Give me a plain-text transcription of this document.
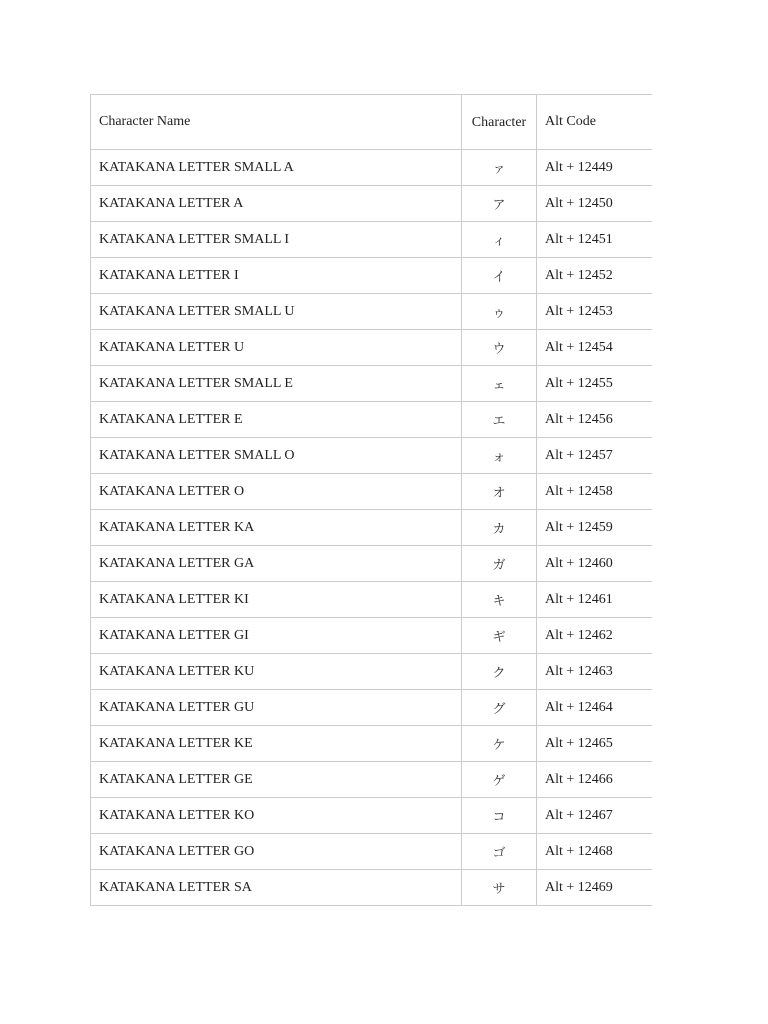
Character Name	Character	Alt Code
KATAKANA LETTER SMALL A	ァ	Alt + 12449
KATAKANA LETTER A	ア	Alt + 12450
KATAKANA LETTER SMALL I	ィ	Alt + 12451
KATAKANA LETTER I	イ	Alt + 12452
KATAKANA LETTER SMALL U	ゥ	Alt + 12453
KATAKANA LETTER U	ウ	Alt + 12454
KATAKANA LETTER SMALL E	ェ	Alt + 12455
KATAKANA LETTER E	エ	Alt + 12456
KATAKANA LETTER SMALL O	ォ	Alt + 12457
KATAKANA LETTER O	オ	Alt + 12458
KATAKANA LETTER KA	カ	Alt + 12459
KATAKANA LETTER GA	ガ	Alt + 12460
KATAKANA LETTER KI	キ	Alt + 12461
KATAKANA LETTER GI	ギ	Alt + 12462
KATAKANA LETTER KU	ク	Alt + 12463
KATAKANA LETTER GU	グ	Alt + 12464
KATAKANA LETTER KE	ケ	Alt + 12465
KATAKANA LETTER GE	ゲ	Alt + 12466
KATAKANA LETTER KO	コ	Alt + 12467
KATAKANA LETTER GO	ゴ	Alt + 12468
KATAKANA LETTER SA	サ	Alt + 12469
